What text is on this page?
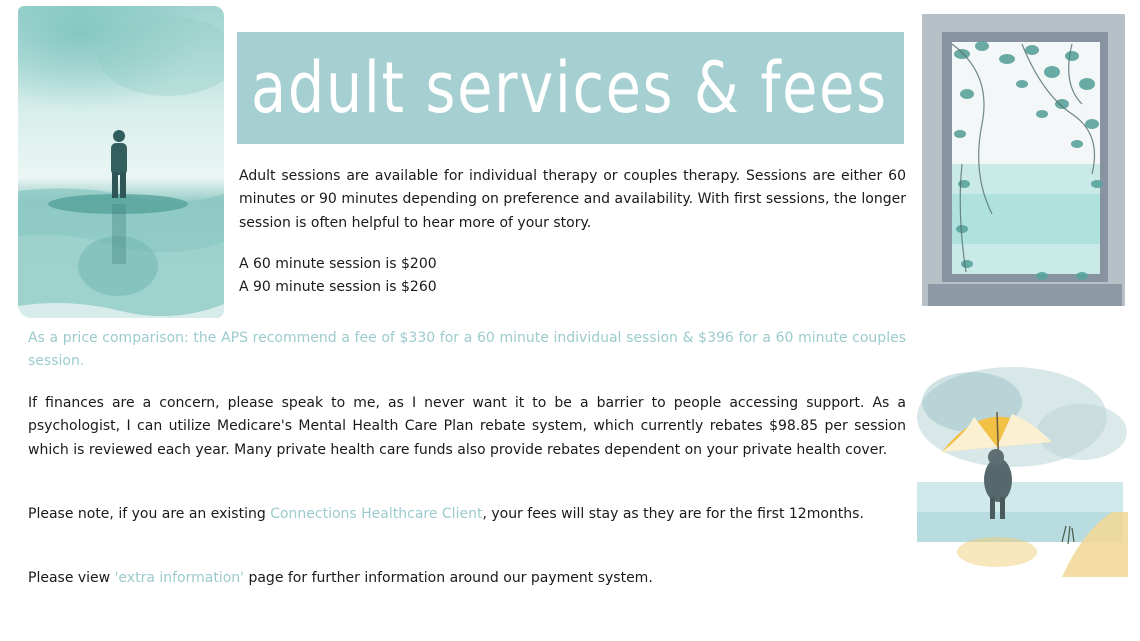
adult services & fees

Adult sessions are available for individual therapy or couples therapy. Sessions are either 60 minutes or 90 minutes depending on preference and availability. With first sessions, the longer session is often helpful to hear more of your story.

A 60 minute session is $200
A 90 minute session is $260

As a price comparison: the APS recommend a fee of $330 for a 60 minute individual session & $396 for a 60 minute couples session.

If finances are a concern, please speak to me, as I never want it to be a barrier to people accessing support. As a psychologist, I can utilize Medicare's Mental Health Care Plan rebate system, which currently rebates $98.85 per session which is reviewed each year. Many private health care funds also provide rebates dependent on your private health cover.

Please note, if you are an existing Connections Healthcare Client, your fees will stay as they are for the first 12months.

Please view 'extra information' page for further information around our payment system.
